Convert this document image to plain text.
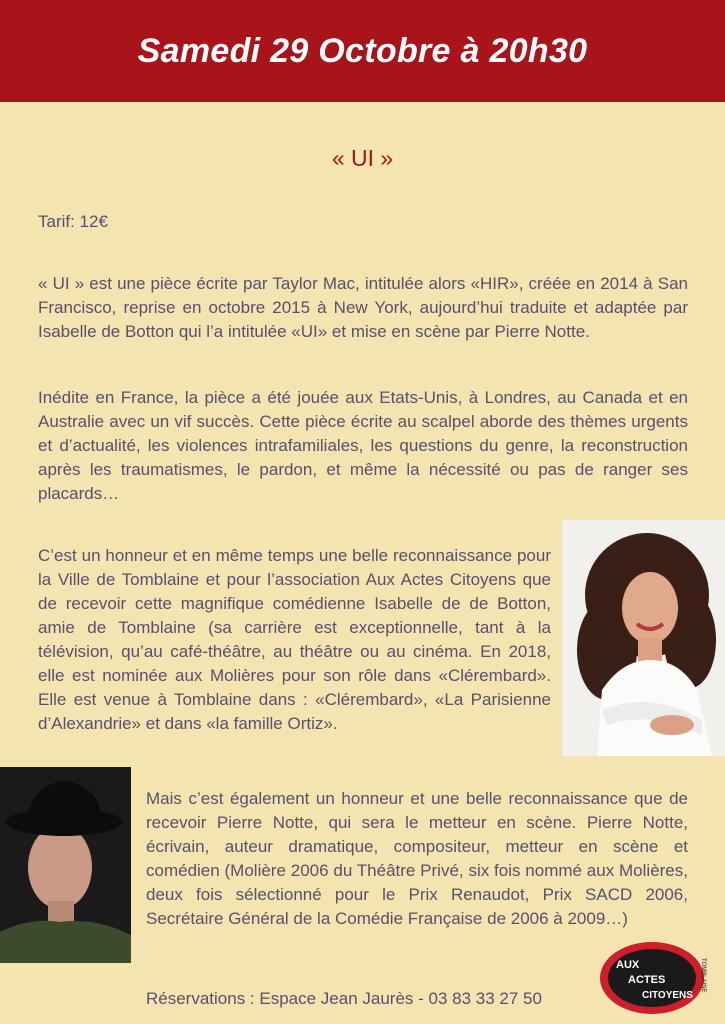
Samedi 29 Octobre à 20h30
« UI »
Tarif: 12€
« UI » est une pièce écrite par Taylor Mac, intitulée alors «HIR», créée en 2014 à San Francisco, reprise en octobre 2015 à New York, aujourd’hui traduite et adaptée par Isabelle de Botton qui l’a intitulée «UI» et mise en scène par Pierre Notte.
Inédite en France, la pièce a été jouée aux Etats-Unis, à Londres, au Canada et en Australie avec un vif succès. Cette pièce écrite au scalpel aborde des thèmes urgents et d’actualité, les violences intrafamiliales, les questions du genre, la reconstruction après les traumatismes, le pardon, et même la nécessité ou pas de ranger ses placards…
C’est un honneur et en même temps une belle reconnaissance pour la Ville de Tomblaine et pour l’association Aux Actes Citoyens que de recevoir cette magnifique comédienne Isabelle de de Botton, amie de Tomblaine (sa carrière est exceptionnelle, tant à la télévision, qu’au café-théâtre, au théâtre ou au cinéma. En 2018, elle est nominée aux Molières pour son rôle dans «Clérembard». Elle est venue à Tomblaine dans : «Clérembard», «La Parisienne d’Alexandrie» et dans «la famille Ortiz».
Mais c’est également un honneur et une belle reconnaissance que de recevoir Pierre Notte, qui sera le metteur en scène. Pierre Notte, écrivain, auteur dramatique, compositeur, metteur en scène et comédien (Molière 2006 du Théâtre Privé, six fois nommé aux Molières, deux fois sélectionné pour le Prix Renaudot, Prix SACD 2006, Secrétaire Général de la Comédie Française de 2006 à 2009…)
Réservations : Espace Jean Jaurès - 03 83 33 27 50
AUX
ACTES
CITOYENS
TOMBLAINE
